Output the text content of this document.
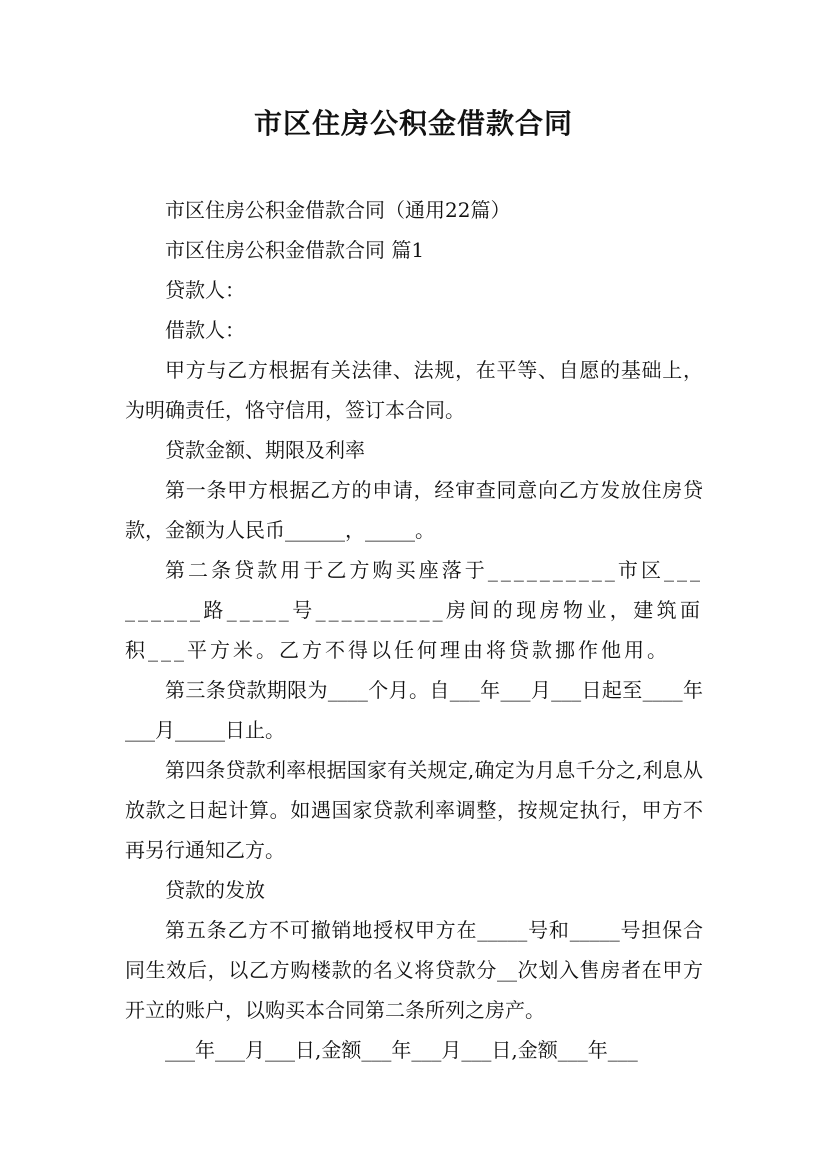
市区住房公积金借款合同

市区住房公积金借款合同（通用22篇）

市区住房公积金借款合同 篇1

贷款人：

借款人：

甲方与乙方根据有关法律、法规，在平等、自愿的基础上，为明确责任，恪守信用，签订本合同。

贷款金额、期限及利率

第一条甲方根据乙方的申请，经审查同意向乙方发放住房贷款，金额为人民币______，_____。

第二条贷款用于乙方购买座落于__________市区_________路_____号__________房间的现房物业，建筑面积___平方米。乙方不得以任何理由将贷款挪作他用。

第三条贷款期限为____个月。自___年___月___日起至____年___月_____日止。

第四条贷款利率根据国家有关规定,确定为月息千分之,利息从放款之日起计算。如遇国家贷款利率调整，按规定执行，甲方不再另行通知乙方。

贷款的发放

第五条乙方不可撤销地授权甲方在_____号和_____号担保合同生效后，以乙方购楼款的名义将贷款分__次划入售房者在甲方开立的账户，以购买本合同第二条所列之房产。

___年___月___日,金额___年___月___日,金额___年___
